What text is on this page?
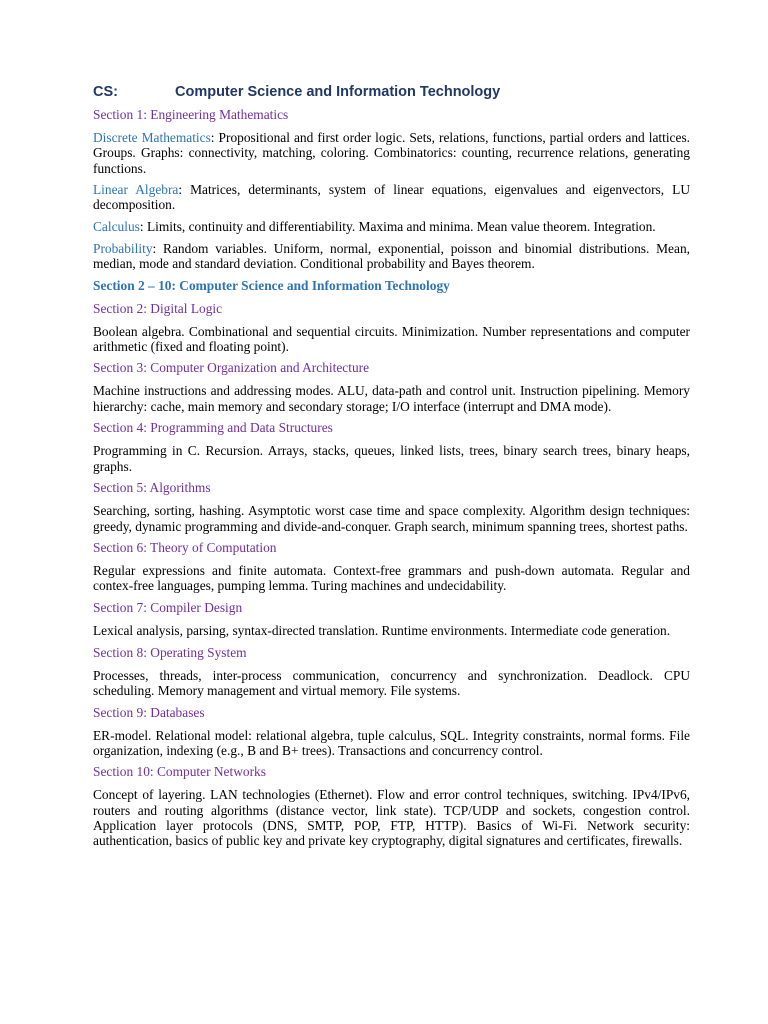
CS:	Computer Science and Information Technology
Section 1: Engineering Mathematics

Discrete Mathematics: Propositional and first order logic. Sets, relations, functions, partial orders and lattices. Groups. Graphs: connectivity, matching, coloring. Combinatorics: counting, recurrence relations, generating functions.

Linear Algebra: Matrices, determinants, system of linear equations, eigenvalues and eigenvectors, LU decomposition.

Calculus: Limits, continuity and differentiability. Maxima and minima. Mean value theorem. Integration.

Probability: Random variables. Uniform, normal, exponential, poisson and binomial distributions. Mean, median, mode and standard deviation. Conditional probability and Bayes theorem.

Section 2 – 10: Computer Science and Information Technology
Section 2: Digital Logic

Boolean algebra. Combinational and sequential circuits. Minimization. Number representations and computer arithmetic (fixed and floating point).

Section 3: Computer Organization and Architecture

Machine instructions and addressing modes. ALU, data-path and control unit. Instruction pipelining. Memory hierarchy: cache, main memory and secondary storage; I/O interface (interrupt and DMA mode).

Section 4: Programming and Data Structures

Programming in C. Recursion. Arrays, stacks, queues, linked lists, trees, binary search trees, binary heaps, graphs.

Section 5: Algorithms

Searching, sorting, hashing. Asymptotic worst case time and space complexity. Algorithm design techniques: greedy, dynamic programming and divide-and-conquer. Graph search, minimum spanning trees, shortest paths.

Section 6: Theory of Computation

Regular expressions and finite automata. Context-free grammars and push-down automata. Regular and contex-free languages, pumping lemma. Turing machines and undecidability.

Section 7: Compiler Design

Lexical analysis, parsing, syntax-directed translation. Runtime environments. Intermediate code generation.

Section 8: Operating System

Processes, threads, inter-process communication, concurrency and synchronization. Deadlock. CPU scheduling. Memory management and virtual memory. File systems.

Section 9: Databases

ER-model. Relational model: relational algebra, tuple calculus, SQL. Integrity constraints, normal forms. File organization, indexing (e.g., B and B+ trees). Transactions and concurrency control.

Section 10: Computer Networks

Concept of layering. LAN technologies (Ethernet). Flow and error control techniques, switching. IPv4/IPv6, routers and routing algorithms (distance vector, link state). TCP/UDP and sockets, congestion control. Application layer protocols (DNS, SMTP, POP, FTP, HTTP). Basics of Wi-Fi. Network security: authentication, basics of public key and private key cryptography, digital signatures and certificates, firewalls.
